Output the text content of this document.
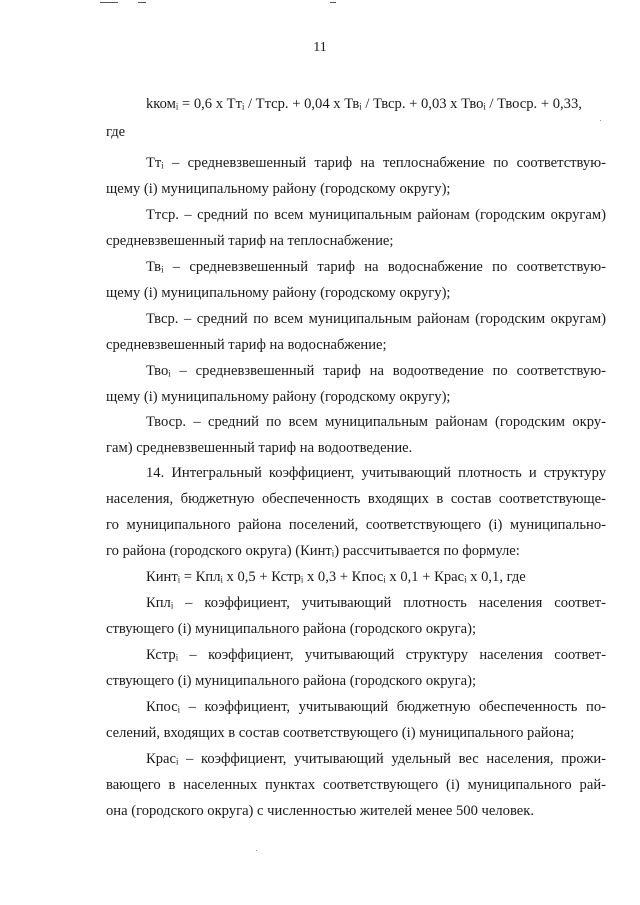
11
kкомᵢ = 0,6 x Ттᵢ / Ттср. + 0,04 x Твᵢ / Твср. + 0,03 x Твоᵢ / Твоср. + 0,33,
где
Ттᵢ – средневзвешенный тариф на теплоснабжение по соответствую-
щему (i) муниципальному району (городскому округу);
Ттср. – средний по всем муниципальным районам (городским округам)
средневзвешенный тариф на теплоснабжение;
Твᵢ – средневзвешенный тариф на водоснабжение по соответствую-
щему (i) муниципальному району (городскому округу);
Твср. – средний по всем муниципальным районам (городским округам)
средневзвешенный тариф на водоснабжение;
Твоᵢ – средневзвешенный тариф на водоотведение по соответствую-
щему (i) муниципальному району (городскому округу);
Твоср. – средний по всем муниципальным районам (городским окру-
гам) средневзвешенный тариф на водоотведение.
14. Интегральный коэффициент, учитывающий плотность и структуру
населения, бюджетную обеспеченность входящих в состав соответствующе-
го муниципального района поселений, соответствующего (i) муниципально-
го района (городского округа) (Кинтᵢ) рассчитывается по формуле:
Кинтᵢ = Кплᵢ x 0,5 + Кстрᵢ x 0,3 + Кпосᵢ x 0,1 + Красᵢ x 0,1, где
Кплᵢ – коэффициент, учитывающий плотность населения соответ-
ствующего (i) муниципального района (городского округа);
Кстрᵢ – коэффициент, учитывающий структуру населения соответ-
ствующего (i) муниципального района (городского округа);
Кпосᵢ – коэффициент, учитывающий бюджетную обеспеченность по-
селений, входящих в состав соответствующего (i) муниципального района;
Красᵢ – коэффициент, учитывающий удельный вес населения, прожи-
вающего в населенных пунктах соответствующего (i) муниципального рай-
она (городского округа) с численностью жителей менее 500 человек.
